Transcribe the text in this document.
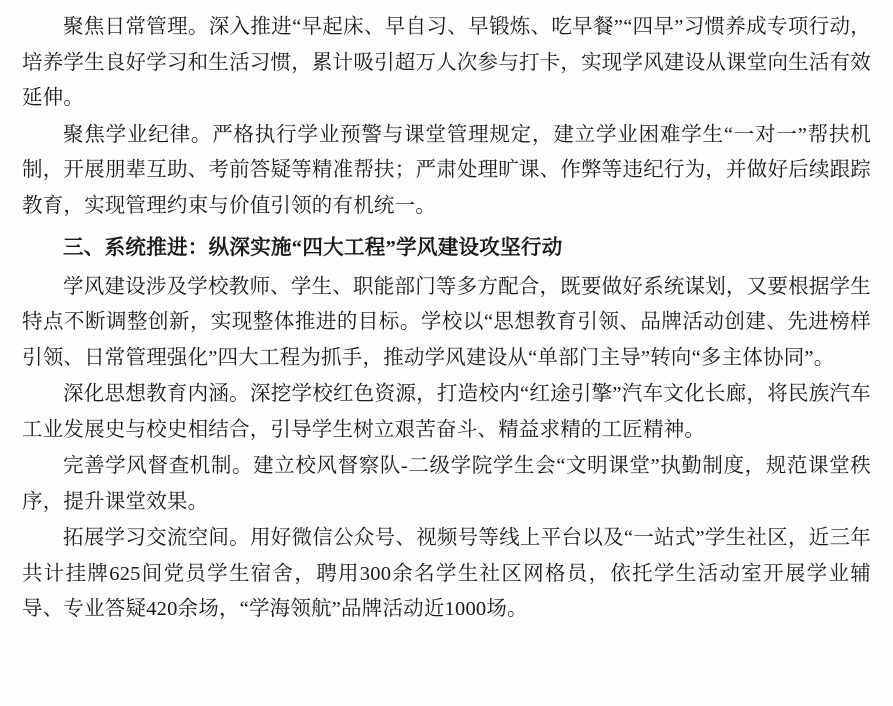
聚焦日常管理。深入推进“早起床、早自习、早锻炼、吃早餐”“四早”习惯养成专项行动，培养学生良好学习和生活习惯，累计吸引超万人次参与打卡，实现学风建设从课堂向生活有效延伸。

聚焦学业纪律。严格执行学业预警与课堂管理规定，建立学业困难学生“一对一”帮扶机制，开展朋辈互助、考前答疑等精准帮扶；严肃处理旷课、作弊等违纪行为，并做好后续跟踪教育，实现管理约束与价值引领的有机统一。

三、系统推进：纵深实施“四大工程”学风建设攻坚行动

学风建设涉及学校教师、学生、职能部门等多方配合，既要做好系统谋划，又要根据学生特点不断调整创新，实现整体推进的目标。学校以“思想教育引领、品牌活动创建、先进榜样引领、日常管理强化”四大工程为抓手，推动学风建设从“单部门主导”转向“多主体协同”。

深化思想教育内涵。深挖学校红色资源，打造校内“红途引擎”汽车文化长廊，将民族汽车工业发展史与校史相结合，引导学生树立艰苦奋斗、精益求精的工匠精神。

完善学风督查机制。建立校风督察队-二级学院学生会“文明课堂”执勤制度，规范课堂秩序，提升课堂效果。

拓展学习交流空间。用好微信公众号、视频号等线上平台以及“一站式”学生社区，近三年共计挂牌625间党员学生宿舍，聘用300余名学生社区网格员，依托学生活动室开展学业辅导、专业答疑420余场，“学海领航”品牌活动近1000场。
